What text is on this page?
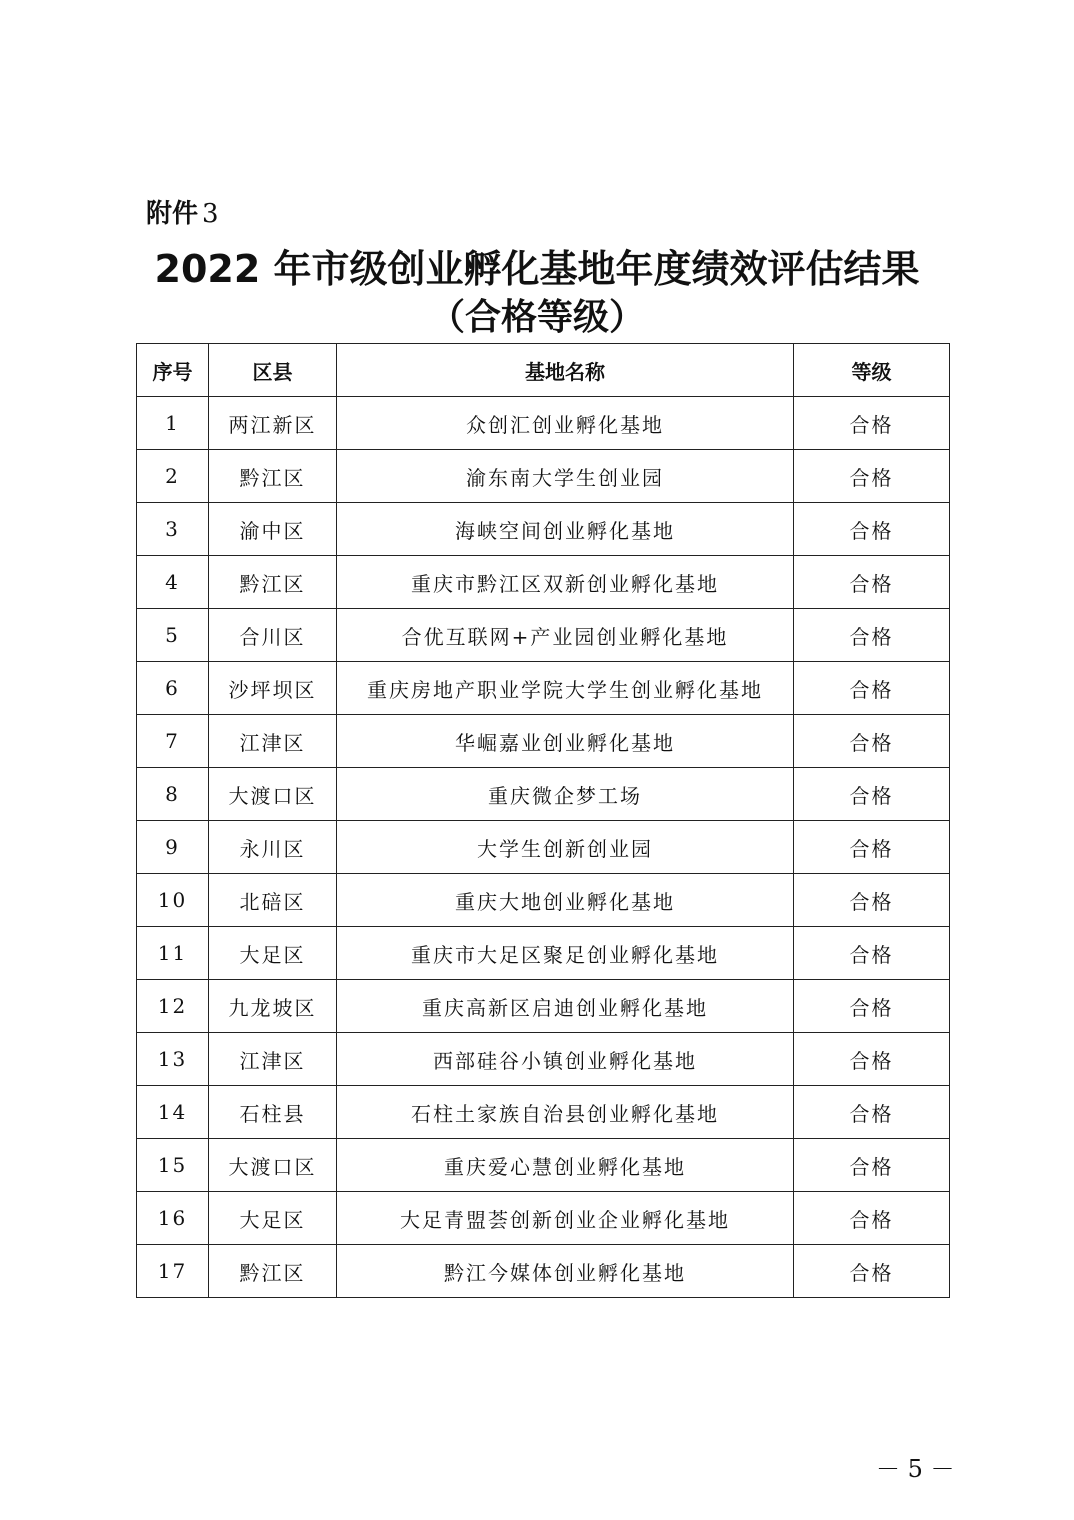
附件 3
2022 年市级创业孵化基地年度绩效评估结果
（合格等级）
序号	区县	基地名称	等级
1	两江新区	众创汇创业孵化基地	合格
2	黔江区	渝东南大学生创业园	合格
3	渝中区	海峡空间创业孵化基地	合格
4	黔江区	重庆市黔江区双新创业孵化基地	合格
5	合川区	合优互联网+产业园创业孵化基地	合格
6	沙坪坝区	重庆房地产职业学院大学生创业孵化基地	合格
7	江津区	华崛嘉业创业孵化基地	合格
8	大渡口区	重庆微企梦工场	合格
9	永川区	大学生创新创业园	合格
10	北碚区	重庆大地创业孵化基地	合格
11	大足区	重庆市大足区聚足创业孵化基地	合格
12	九龙坡区	重庆高新区启迪创业孵化基地	合格
13	江津区	西部硅谷小镇创业孵化基地	合格
14	石柱县	石柱土家族自治县创业孵化基地	合格
15	大渡口区	重庆爱心慧创业孵化基地	合格
16	大足区	大足青盟荟创新创业企业孵化基地	合格
17	黔江区	黔江今媒体创业孵化基地	合格
－ 5 －
